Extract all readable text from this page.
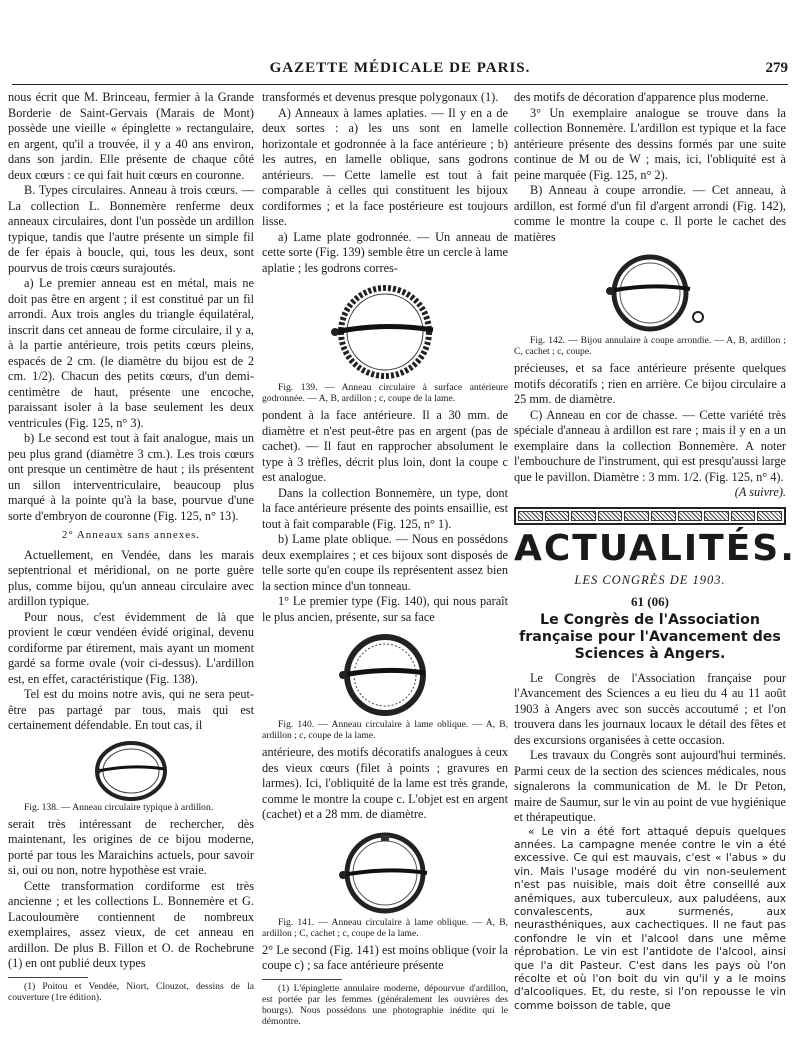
GAZETTE MÉDICALE DE PARIS.	279

nous écrit que M. Brinceau, fermier à la Grande Borderie de Saint-Gervais (Marais de Mont) possède une vieille « épinglette » rectangulaire, en argent, qu'il a trouvée, il y a 40 ans environ, dans son jardin. Elle présente de chaque côté deux cœurs : ce qui fait huit cœurs en couronne.

B. Types circulaires. Anneau à trois cœurs. — La collection L. Bonnemère renferme deux anneaux circulaires, dont l'un possède un ardillon typique, tandis que l'autre présente un simple fil de fer épais à boucle, qui, tous les deux, sont pourvus de trois cœurs surajoutés.

a) Le premier anneau est en métal, mais ne doit pas être en argent ; il est constitué par un fil arrondi. Aux trois angles du triangle équilatéral, inscrit dans cet anneau de forme circulaire, il y a, à la partie antérieure, trois petits cœurs pleins, espacés de 2 cm. (le diamètre du bijou est de 2 cm. 1/2). Chacun des petits cœurs, d'un demi-centimètre de haut, présente une encoche, paraissant isoler à la base seulement les deux ventricules (Fig. 125, n° 3).

b) Le second est tout à fait analogue, mais un peu plus grand (diamètre 3 cm.). Les trois cœurs ont presque un centimètre de haut ; ils présentent un sillon interventriculaire, beaucoup plus marqué à la pointe qu'à la base, pourvue d'une sorte d'embryon de couronne (Fig. 125, n° 13).

2° Anneaux sans annexes.

Actuellement, en Vendée, dans les marais septentrional et méridional, on ne porte guère plus, comme bijou, qu'un anneau circulaire avec ardillon typique.

Pour nous, c'est évidemment de là que provient le cœur vendéen évidé original, devenu cordiforme par étirement, mais ayant un moment gardé sa forme ovale (voir ci-dessus). L'ardillon est, en effet, caractéristique (Fig. 138).

Tel est du moins notre avis, qui ne sera peut-être pas partagé par tous, mais qui est certainement défendable. En tout cas, il

Fig. 138. — Anneau circulaire typique à ardillon.

serait très intéressant de rechercher, dès maintenant, les origines de ce bijou moderne, porté par tous les Maraichins actuels, pour savoir si, oui ou non, notre hypothèse est vraie.

Cette transformation cordiforme est très ancienne ; et les collections L. Bonnemère et G. Lacouloumère contiennent de nombreux exemplaires, assez vieux, de cet anneau en ardillon. De plus B. Fillon et O. de Rochebrune (1) en ont publié deux types

(1) Poitou et Vendée, Niort, Clouzot, dessins de la couverture (1re édition).

transformés et devenus presque polygonaux (1).

A) Anneaux à lames aplaties. — Il y en a de deux sortes : a) les uns sont en lamelle horizontale et godronnée à la face antérieure ; b) les autres, en lamelle oblique, sans godrons antérieurs. — Cette lamelle est tout à fait comparable à celles qui constituent les bijoux cordiformes ; et la face postérieure est toujours lisse.

a) Lame plate godronnée. — Un anneau de cette sorte (Fig. 139) semble être un cercle à lame aplatie ; les godrons corres-

Fig. 139. — Anneau circulaire à surface antérieure godronnée. — A, B, ardillon ; c, coupe de la lame.

pondent à la face antérieure. Il a 30 mm. de diamètre et n'est peut-être pas en argent (pas de cachet). — Il faut en rapprocher absolument le type à 3 trèfles, décrit plus loin, dont la coupe c est analogue.

Dans la collection Bonnemère, un type, dont la face antérieure présente des points ensaillie, est tout à fait comparable (Fig. 125, n° 1).

b) Lame plate oblique. — Nous en possédons deux exemplaires ; et ces bijoux sont disposés de telle sorte qu'en coupe ils représentent assez bien la section mince d'un tonneau.

1° Le premier type (Fig. 140), qui nous paraît le plus ancien, présente, sur sa face

Fig. 140. — Anneau circulaire à lame oblique. — A, B, ardillon ; c, coupe de la lame.

antérieure, des motifs décoratifs analogues à ceux des vieux cœurs (filet à points ; gravures en larmes). Ici, l'obliquité de la lame est très grande, comme le montre la coupe c. L'objet est en argent (cachet) et a 28 mm. de diamètre.

Fig. 141. — Anneau circulaire à lame oblique. — A, B, ardillon ; C, cachet ; c, coupe de la lame.

2° Le second (Fig. 141) est moins oblique (voir la coupe c) ; sa face antérieure présente

(1) L'épinglette annulaire moderne, dépourvue d'ardillon, est portée par les femmes (généralement les ouvrières des bourgs). Nous possédons une photographie inédite qui le démontre.

des motifs de décoration d'apparence plus moderne.

3° Un exemplaire analogue se trouve dans la collection Bonnemère. L'ardillon est typique et la face antérieure présente des dessins formés par une suite continue de M ou de W ; mais, ici, l'obliquité est à peine marquée (Fig. 125, n° 2).

B) Anneau à coupe arrondie. — Cet anneau, à ardillon, est formé d'un fil d'argent arrondi (Fig. 142), comme le montre la coupe c. Il porte le cachet des matières

Fig. 142. — Bijou annulaire à coupe arrondie. — A, B, ardillon ; C, cachet ; c, coupe.

précieuses, et sa face antérieure présente quelques motifs décoratifs ; rien en arrière. Ce bijou circulaire a 25 mm. de diamètre.

C) Anneau en cor de chasse. — Cette variété très spéciale d'anneau à ardillon est rare ; mais il y en a un exemplaire dans la collection Bonnemère. A noter l'embouchure de l'instrument, qui est presqu'aussi large que le pavillon. Diamètre : 3 mm. 1/2. (Fig. 125, n° 4).

(A suivre).

ACTUALITÉS.
LES CONGRÈS DE 1903.
61 (06)
Le Congrès de l'Association française pour l'Avancement des Sciences à Angers.

Le Congrès de l'Association française pour l'Avancement des Sciences a eu lieu du 4 au 11 août 1903 à Angers avec son succès accoutumé ; et l'on trouvera dans les journaux locaux le détail des fêtes et des excursions organisées à cette occasion.

Les travaux du Congrès sont aujourd'hui terminés. Parmi ceux de la section des sciences médicales, nous signalerons la communication de M. le Dr Peton, maire de Saumur, sur le vin au point de vue hygiénique et thérapeutique.

« Le vin a été fort attaqué depuis quelques années. La campagne menée contre le vin a été excessive. Ce qui est mauvais, c'est « l'abus » du vin. Mais l'usage modéré du vin non-seulement n'est pas nuisible, mais doit être conseillé aux anémiques, aux tuberculeux, aux paludéens, aux convalescents, aux surmenés, aux neurasthéniques, aux cachectiques. Il ne faut pas confondre le vin et l'alcool dans une même réprobation. Le vin est l'antidote de l'alcool, ainsi que l'a dit Pasteur. C'est dans les pays où l'on récolte et où l'on boit du vin qu'il y a le moins d'alcooliques. Et, du reste, si l'on repousse le vin comme boisson de table, que
